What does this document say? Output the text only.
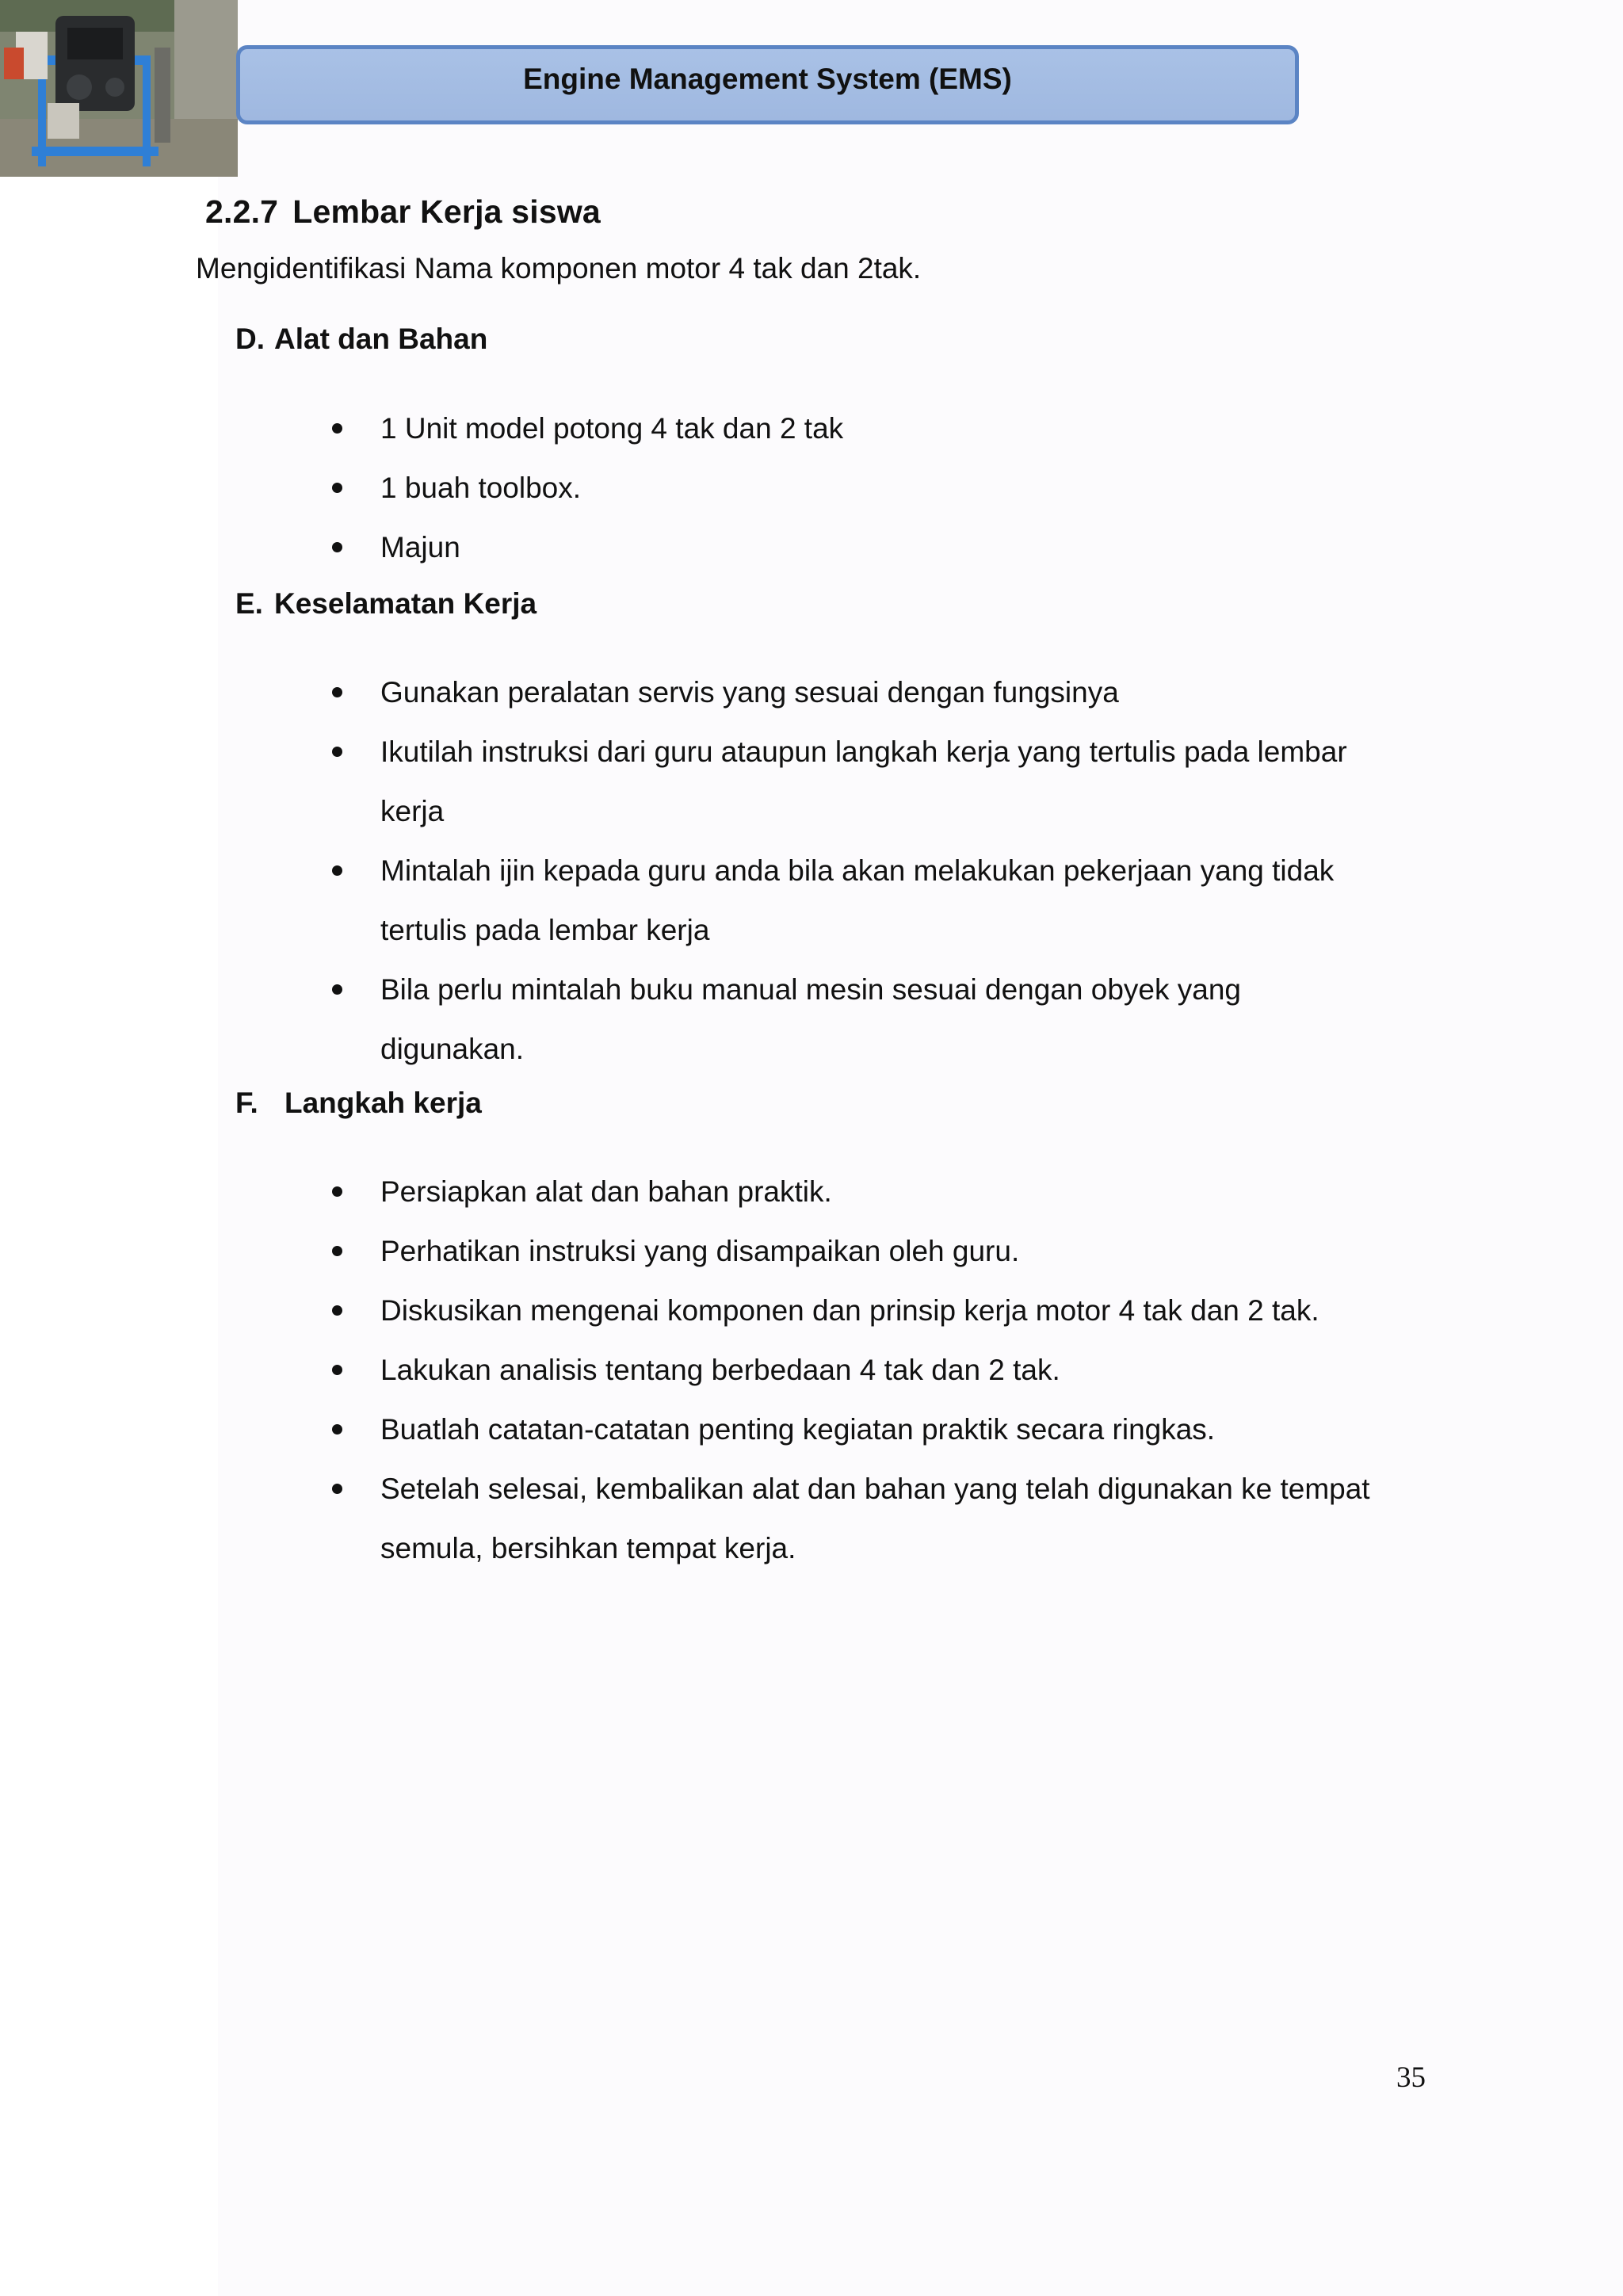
Engine Management System (EMS)
2.2.7 Lembar Kerja siswa
Mengidentifikasi Nama komponen motor 4 tak dan 2tak.
D. Alat dan Bahan
1 Unit model potong 4 tak dan 2 tak
1 buah toolbox.
Majun
E. Keselamatan Kerja
Gunakan peralatan servis yang sesuai dengan fungsinya
Ikutilah instruksi dari guru ataupun langkah kerja yang tertulis pada lembar kerja
Mintalah ijin kepada guru anda bila akan melakukan pekerjaan yang tidak tertulis pada lembar kerja
Bila perlu mintalah buku manual mesin sesuai dengan obyek yang digunakan.
F. Langkah kerja
Persiapkan alat dan bahan praktik.
Perhatikan instruksi yang disampaikan oleh guru.
Diskusikan mengenai komponen dan prinsip kerja motor 4 tak dan 2 tak.
Lakukan analisis tentang berbedaan 4 tak dan 2 tak.
Buatlah catatan-catatan penting kegiatan praktik secara ringkas.
Setelah selesai, kembalikan alat dan bahan yang telah digunakan ke tempat semula, bersihkan tempat kerja.
35
